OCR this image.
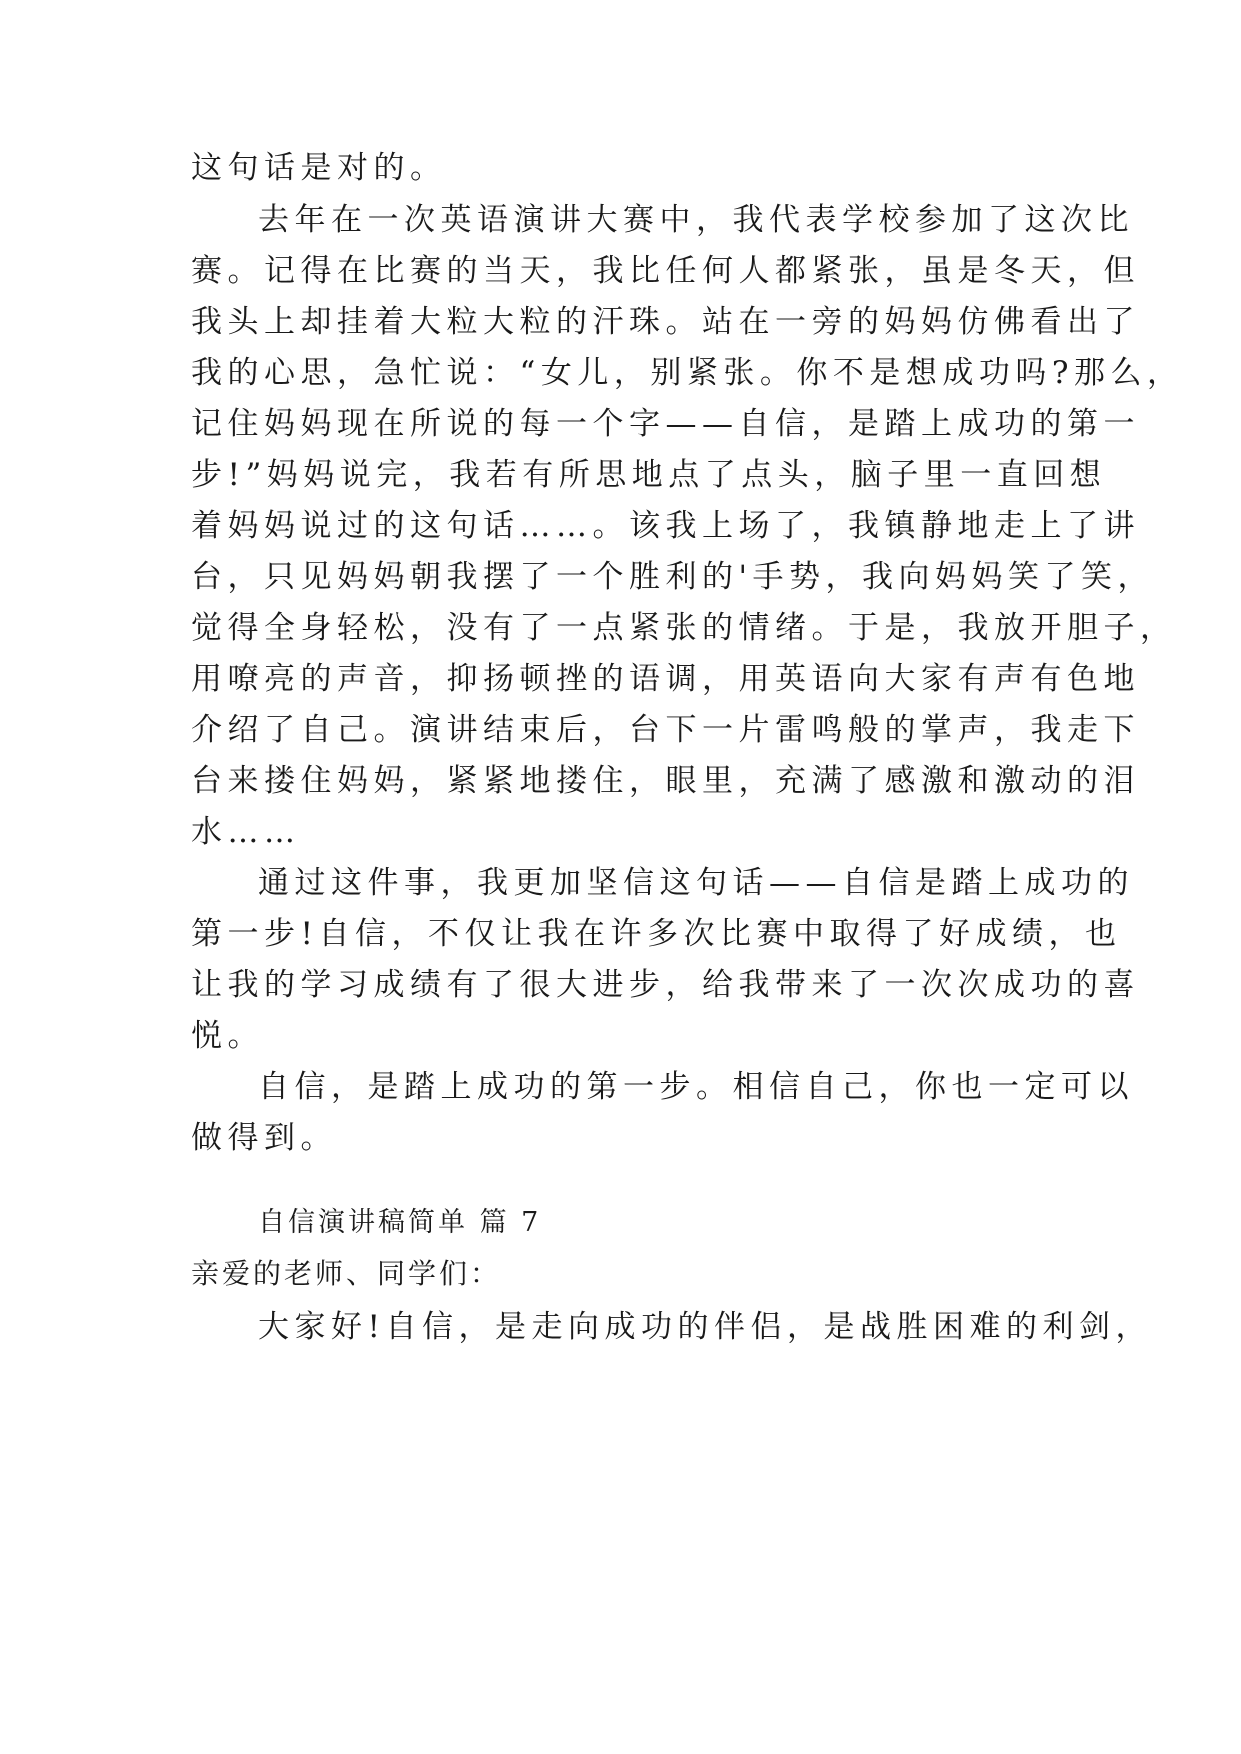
这句话是对的。
去年在一次英语演讲大赛中，我代表学校参加了这次比
赛。记得在比赛的当天，我比任何人都紧张，虽是冬天，但
我头上却挂着大粒大粒的汗珠。站在一旁的妈妈仿佛看出了
我的心思，急忙说：“女儿，别紧张。你不是想成功吗?那么，
记住妈妈现在所说的每一个字——自信，是踏上成功的第一
步!”妈妈说完，我若有所思地点了点头，脑子里一直回想
着妈妈说过的这句话……。该我上场了，我镇静地走上了讲
台，只见妈妈朝我摆了一个胜利的'手势，我向妈妈笑了笑，
觉得全身轻松，没有了一点紧张的情绪。于是，我放开胆子，
用嘹亮的声音，抑扬顿挫的语调，用英语向大家有声有色地
介绍了自己。演讲结束后，台下一片雷鸣般的掌声，我走下
台来搂住妈妈，紧紧地搂住，眼里，充满了感激和激动的泪
水……
通过这件事，我更加坚信这句话——自信是踏上成功的
第一步!自信，不仅让我在许多次比赛中取得了好成绩，也
让我的学习成绩有了很大进步，给我带来了一次次成功的喜
悦。
自信，是踏上成功的第一步。相信自己，你也一定可以
做得到。
自信演讲稿简单 篇 7
亲爱的老师、同学们：
大家好!自信，是走向成功的伴侣，是战胜困难的利剑，
